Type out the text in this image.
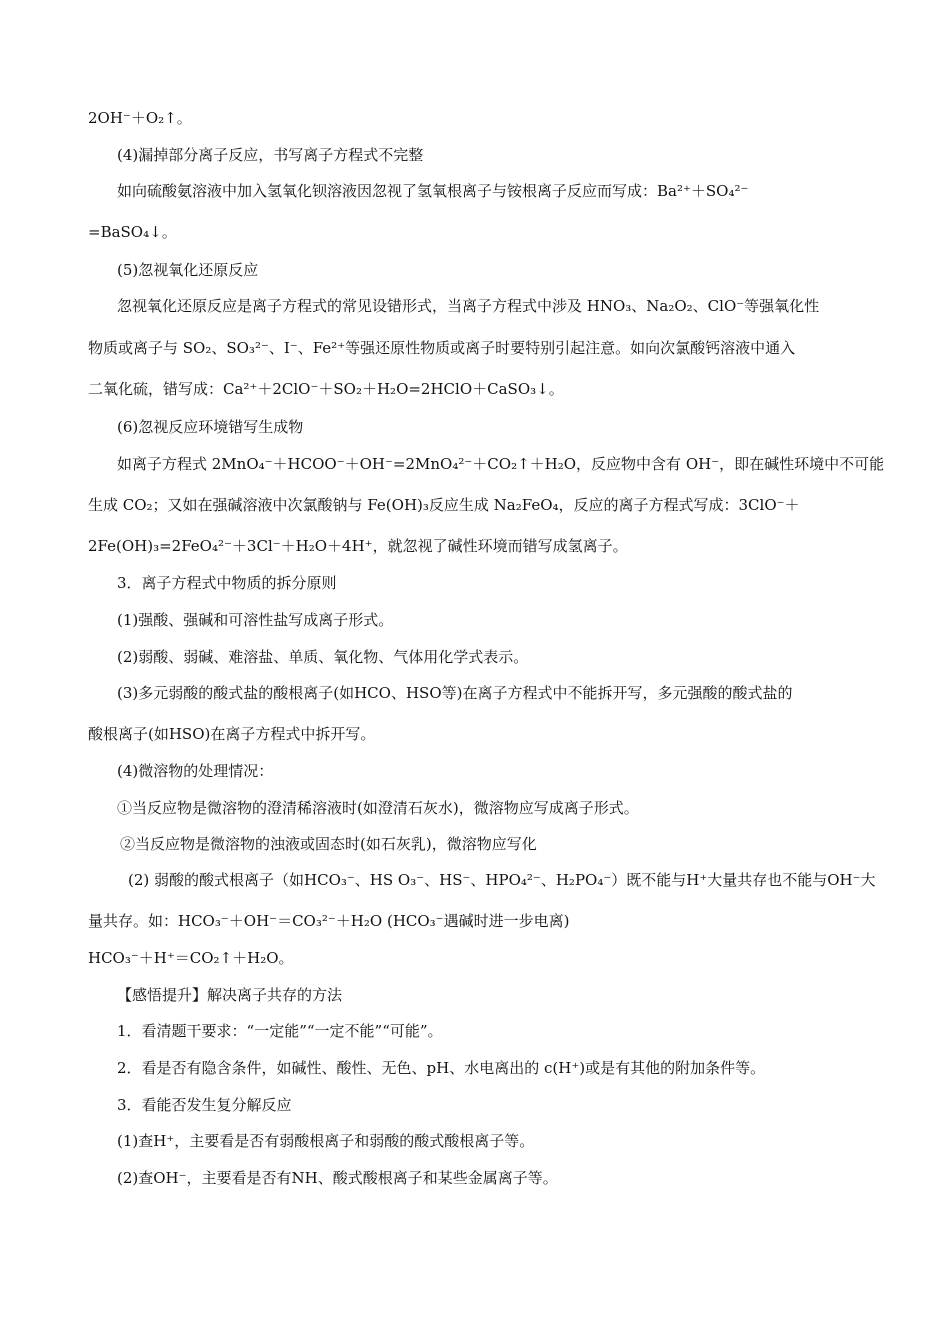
2OH⁻＋O₂↑。
(4)漏掉部分离子反应，书写离子方程式不完整
如向硫酸氨溶液中加入氢氧化钡溶液因忽视了氢氧根离子与铵根离子反应而写成：Ba²⁺＋SO₄²⁻
=BaSO₄↓。
(5)忽视氧化还原反应
忽视氧化还原反应是离子方程式的常见设错形式，当离子方程式中涉及 HNO₃、Na₂O₂、ClO⁻等强氧化性
物质或离子与 SO₂、SO₃²⁻、I⁻、Fe²⁺等强还原性物质或离子时要特别引起注意。如向次氯酸钙溶液中通入
二氧化硫，错写成：Ca²⁺＋2ClO⁻＋SO₂＋H₂O=2HClO＋CaSO₃↓。
(6)忽视反应环境错写生成物
如离子方程式 2MnO₄⁻＋HCOO⁻＋OH⁻=2MnO₄²⁻＋CO₂↑＋H₂O，反应物中含有 OH⁻，即在碱性环境中不可能
生成 CO₂；又如在强碱溶液中次氯酸钠与 Fe(OH)₃反应生成 Na₂FeO₄，反应的离子方程式写成：3ClO⁻＋
2Fe(OH)₃=2FeO₄²⁻＋3Cl⁻＋H₂O＋4H⁺，就忽视了碱性环境而错写成氢离子。
3．离子方程式中物质的拆分原则
(1)强酸、强碱和可溶性盐写成离子形式。
(2)弱酸、弱碱、难溶盐、单质、氧化物、气体用化学式表示。
(3)多元弱酸的酸式盐的酸根离子(如HCO、HSO等)在离子方程式中不能拆开写，多元强酸的酸式盐的
酸根离子(如HSO)在离子方程式中拆开写。
(4)微溶物的处理情况：
①当反应物是微溶物的澄清稀溶液时(如澄清石灰水)，微溶物应写成离子形式。
②当反应物是微溶物的浊液或固态时(如石灰乳)，微溶物应写化
(2) 弱酸的酸式根离子（如HCO₃⁻、HS O₃⁻、HS⁻、HPO₄²⁻、H₂PO₄⁻）既不能与H⁺大量共存也不能与OH⁻大
量共存。如：HCO₃⁻＋OH⁻＝CO₃²⁻＋H₂O (HCO₃⁻遇碱时进一步电离)
HCO₃⁻＋H⁺＝CO₂↑＋H₂O。
【感悟提升】解决离子共存的方法
1．看清题干要求：“一定能”“一定不能”“可能”。
2．看是否有隐含条件，如碱性、酸性、无色、pH、水电离出的 c(H⁺)或是有其他的附加条件等。
3．看能否发生复分解反应
(1)查H⁺，主要看是否有弱酸根离子和弱酸的酸式酸根离子等。
(2)查OH⁻，主要看是否有NH、酸式酸根离子和某些金属离子等。
